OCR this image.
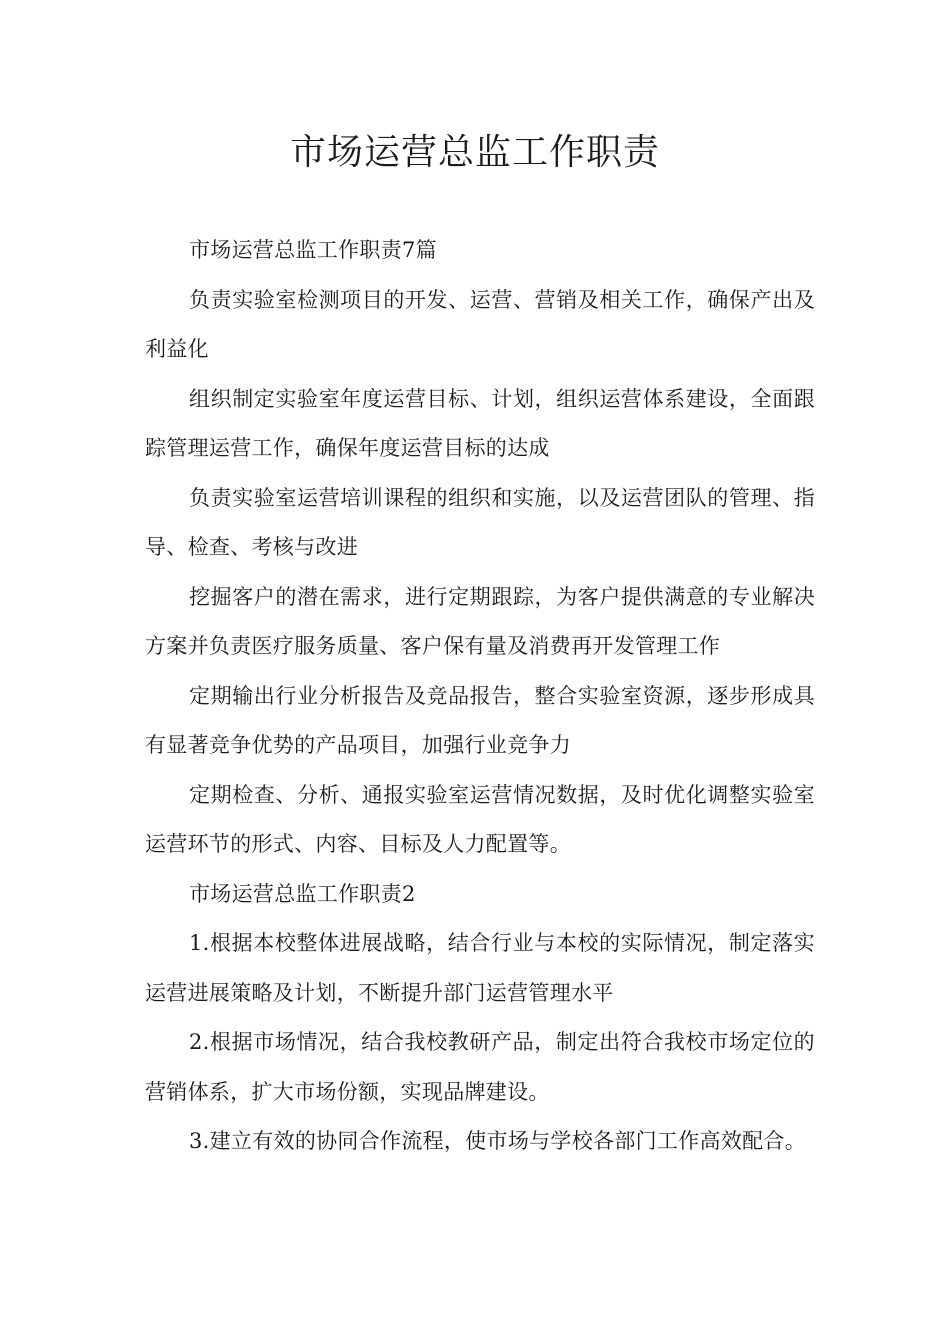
市场运营总监工作职责

市场运营总监工作职责7篇

负责实验室检测项目的开发、运营、营销及相关工作，确保产出及利益化

组织制定实验室年度运营目标、计划，组织运营体系建设，全面跟踪管理运营工作，确保年度运营目标的达成

负责实验室运营培训课程的组织和实施，以及运营团队的管理、指导、检查、考核与改进

挖掘客户的潜在需求，进行定期跟踪，为客户提供满意的专业解决方案并负责医疗服务质量、客户保有量及消费再开发管理工作

定期输出行业分析报告及竞品报告，整合实验室资源，逐步形成具有显著竞争优势的产品项目，加强行业竞争力

定期检查、分析、通报实验室运营情况数据，及时优化调整实验室运营环节的形式、内容、目标及人力配置等。

市场运营总监工作职责2

1.根据本校整体进展战略，结合行业与本校的实际情况，制定落实运营进展策略及计划，不断提升部门运营管理水平

2.根据市场情况，结合我校教研产品，制定出符合我校市场定位的营销体系，扩大市场份额，实现品牌建设。

3.建立有效的协同合作流程，使市场与学校各部门工作高效配合。
